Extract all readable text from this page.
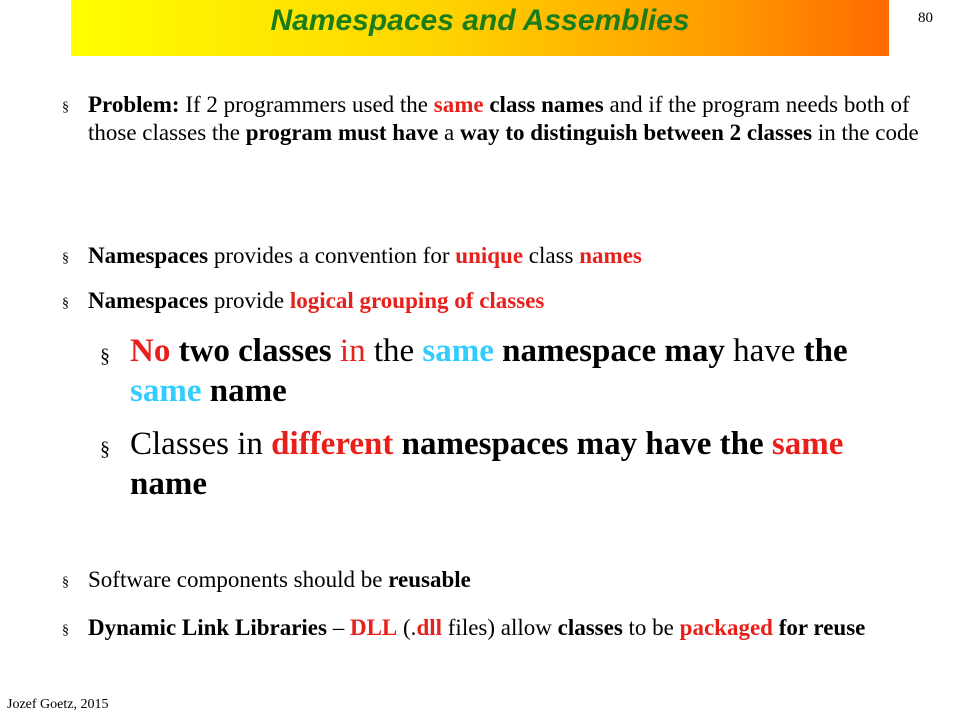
Namespaces and Assemblies	80
§ Problem: If 2 programmers used the same class names and if the program needs both of those classes the program must have a way to distinguish between 2 classes in the code
§ Namespaces provides a convention for unique class names
§ Namespaces provide logical grouping of classes
§ No two classes in the same namespace may have the same name
§ Classes in different namespaces may have the same name
§ Software components should be reusable
§ Dynamic Link Libraries – DLL (.dll files) allow classes to be packaged for reuse
Jozef Goetz, 2015
